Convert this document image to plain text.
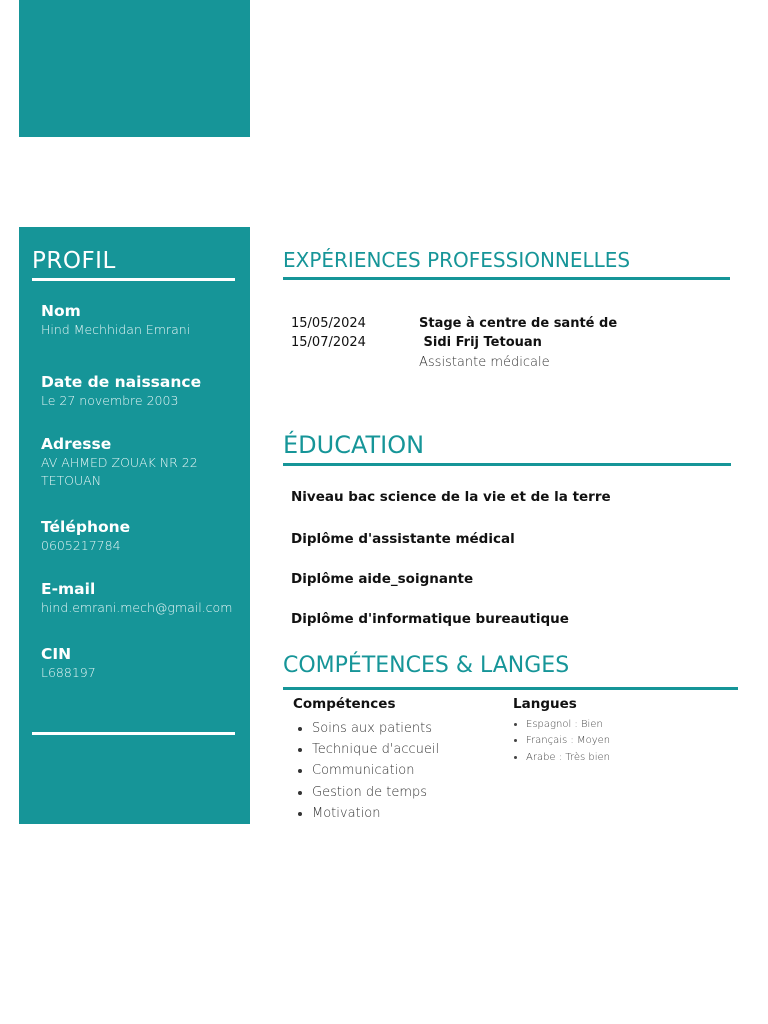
PROFIL
Nom
Hind Mechhidan Emrani
Date de naissance
Le 27 novembre 2003
Adresse
AV AHMED ZOUAK NR 22
TETOUAN
Téléphone
0605217784
E-mail
hind.emrani.mech@gmail.com
CIN
L688197
EXPÉRIENCES PROFESSIONNELLES
15/05/2024
15/07/2024
Stage à centre de santé de
Sidi Frij Tetouan
Assistante médicale
ÉDUCATION
Niveau bac science de la vie et de la terre
Diplôme d'assistante médical
Diplôme aide_soignante
Diplôme d'informatique bureautique
COMPÉTENCES & LANGES
Compétences
• Soins aux patients
• Technique d'accueil
• Communication
• Gestion de temps
• Motivation
Langues
• Espagnol : Bien
• Français : Moyen
• Arabe : Très bien
